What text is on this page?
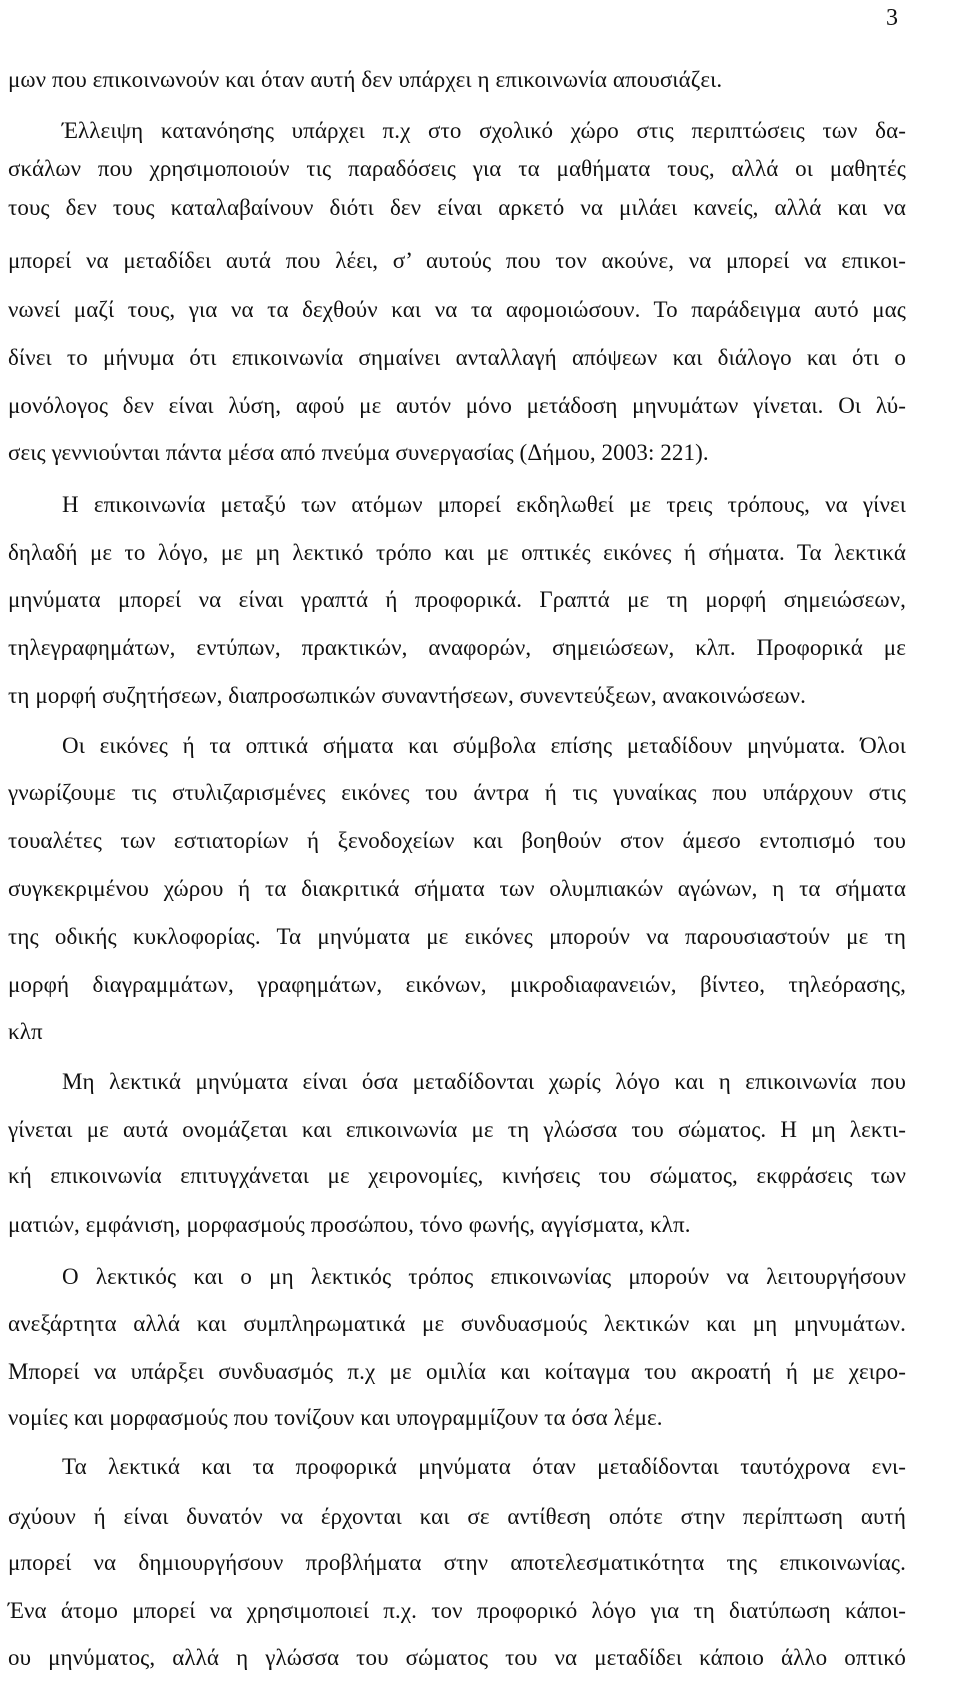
3
μων που επικοινωνούν και όταν αυτή δεν υπάρχει η επικοινωνία απουσιάζει.
Έλλειψη κατανόησης υπάρχει π.χ στο σχολικό χώρο στις περιπτώσεις των δα-
σκάλων που χρησιμοποιούν τις παραδόσεις για τα μαθήματα τους, αλλά οι μαθητές
τους δεν τους καταλαβαίνουν διότι δεν είναι αρκετό να μιλάει κανείς, αλλά και να
μπορεί να μεταδίδει αυτά που λέει, σ’ αυτούς που τον ακούνε, να μπορεί να επικοι-
νωνεί μαζί τους, για να τα δεχθούν και να τα αφομοιώσουν. Το παράδειγμα αυτό μας
δίνει το μήνυμα ότι επικοινωνία σημαίνει ανταλλαγή απόψεων και διάλογο και ότι ο
μονόλογος δεν είναι λύση, αφού με αυτόν μόνο μετάδοση μηνυμάτων γίνεται. Οι λύ-
σεις γεννιούνται πάντα μέσα από πνεύμα συνεργασίας (Δήμου, 2003: 221).
Η επικοινωνία μεταξύ των ατόμων μπορεί εκδηλωθεί με τρεις τρόπους, να γίνει
δηλαδή με το λόγο, με μη λεκτικό τρόπο και με οπτικές εικόνες ή σήματα. Τα λεκτικά
μηνύματα μπορεί να είναι γραπτά ή προφορικά. Γραπτά με τη μορφή σημειώσεων,
τηλεγραφημάτων, εντύπων, πρακτικών, αναφορών, σημειώσεων, κλπ. Προφορικά με
τη μορφή συζητήσεων, διαπροσωπικών συναντήσεων, συνεντεύξεων, ανακοινώσεων.
Οι εικόνες ή τα οπτικά σήματα και σύμβολα επίσης μεταδίδουν μηνύματα. Όλοι
γνωρίζουμε τις στυλιζαρισμένες εικόνες του άντρα ή τις γυναίκας που υπάρχουν στις
τουαλέτες των εστιατορίων ή ξενοδοχείων και βοηθούν στον άμεσο εντοπισμό του
συγκεκριμένου χώρου ή τα διακριτικά σήματα των ολυμπιακών αγώνων, η τα σήματα
της οδικής κυκλοφορίας. Τα μηνύματα με εικόνες μπορούν να παρουσιαστούν με τη
μορφή διαγραμμάτων, γραφημάτων, εικόνων, μικροδιαφανειών, βίντεο, τηλεόρασης,
κλπ
Μη λεκτικά μηνύματα είναι όσα μεταδίδονται χωρίς λόγο και η επικοινωνία που
γίνεται με αυτά ονομάζεται και επικοινωνία με τη γλώσσα του σώματος. Η μη λεκτι-
κή επικοινωνία επιτυγχάνεται με χειρονομίες, κινήσεις του σώματος, εκφράσεις των
ματιών, εμφάνιση, μορφασμούς προσώπου, τόνο φωνής, αγγίσματα, κλπ.
Ο λεκτικός και ο μη λεκτικός τρόπος επικοινωνίας μπορούν να λειτουργήσουν
ανεξάρτητα αλλά και συμπληρωματικά με συνδυασμούς λεκτικών και μη μηνυμάτων.
Μπορεί να υπάρξει συνδυασμός π.χ με ομιλία και κοίταγμα του ακροατή ή με χειρο-
νομίες και μορφασμούς που τονίζουν και υπογραμμίζουν τα όσα λέμε.
Τα λεκτικά και τα προφορικά μηνύματα όταν μεταδίδονται ταυτόχρονα ενι-
σχύουν ή είναι δυνατόν να έρχονται και σε αντίθεση οπότε στην περίπτωση αυτή
μπορεί να δημιουργήσουν προβλήματα στην αποτελεσματικότητα της επικοινωνίας.
Ένα άτομο μπορεί να χρησιμοποιεί π.χ. τον προφορικό λόγο για τη διατύπωση κάποι-
ου μηνύματος, αλλά η γλώσσα του σώματος του να μεταδίδει κάποιο άλλο οπτικό
